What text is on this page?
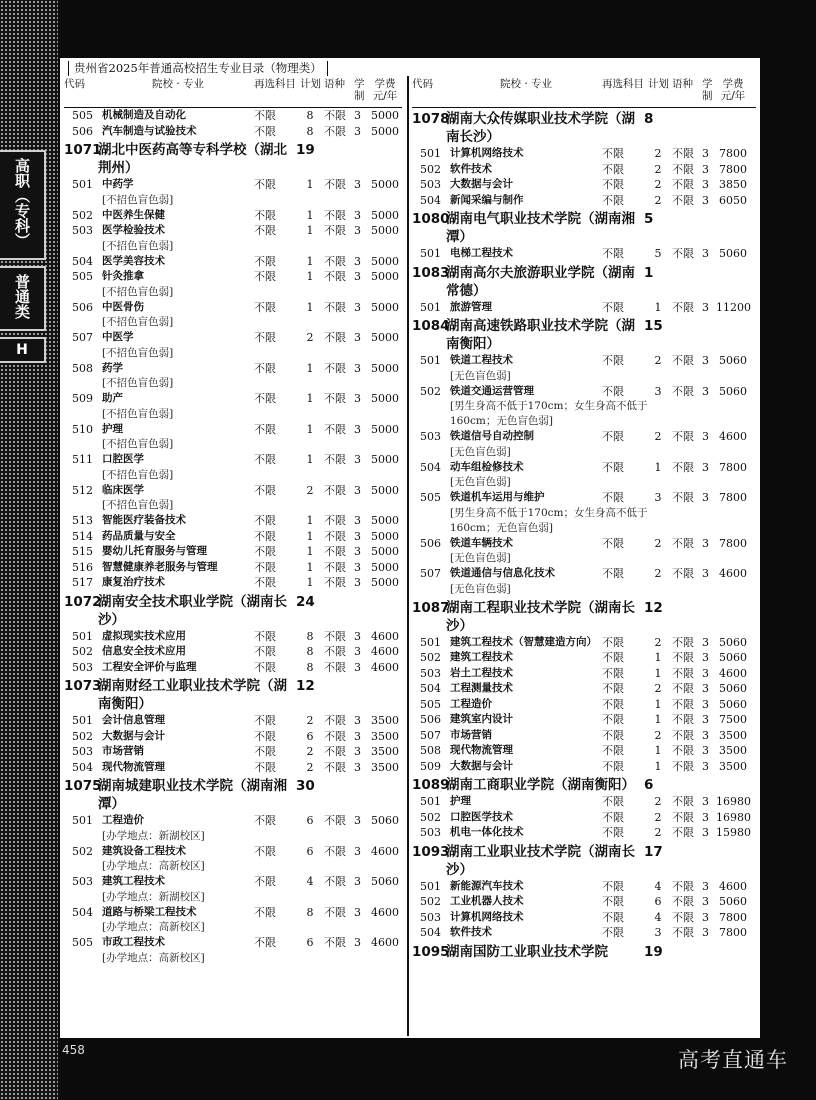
高职（专科）
普通类
H
贵州省2025年普通高校招生专业目录（物理类）
代码	院校 · 专业	再选科目 计划 语种 学制
学费元/年
505 机械制造及自动化	不限	8 不限 3 5000
506 汽车制造与试验技术	不限	8 不限 3 5000
1071
湖北中医药高等专科学校（湖北荆州）
19
501 中药学	不限	1 不限 3 5000
[不招色盲色弱]
502 中医养生保健	不限	1 不限 3 5000
503 医学检验技术	不限	1 不限 3 5000
[不招色盲色弱]
504 医学美容技术	不限	1 不限 3 5000
505 针灸推拿	不限	1 不限 3 5000
[不招色盲色弱]
506 中医骨伤	不限	1 不限 3 5000
[不招色盲色弱]
507 中医学	不限	2 不限 3 5000
[不招色盲色弱]
508 药学	不限	1 不限 3 5000
[不招色盲色弱]
509 助产	不限	1 不限 3 5000
[不招色盲色弱]
510 护理	不限	1 不限 3 5000
[不招色盲色弱]
511 口腔医学	不限	1 不限 3 5000
[不招色盲色弱]
512 临床医学	不限	2 不限 3 5000
[不招色盲色弱]
513 智能医疗装备技术	不限	1 不限 3 5000
514 药品质量与安全	不限	1 不限 3 5000
515 婴幼儿托育服务与管理	不限	1 不限 3 5000
516 智慧健康养老服务与管理	不限	1 不限 3 5000
517 康复治疗技术	不限	1 不限 3 5000
1072
湖南安全技术职业学院（湖南长沙）
24
501 虚拟现实技术应用	不限	8 不限 3 4600
502 信息安全技术应用	不限	8 不限 3 4600
503 工程安全评价与监理	不限	8 不限 3 4600
1073
湖南财经工业职业技术学院（湖南衡阳）
12
501 会计信息管理	不限	2 不限 3 3500
502 大数据与会计	不限	6 不限 3 3500
503 市场营销	不限	2 不限 3 3500
504 现代物流管理	不限	2 不限 3 3500
1075
湖南城建职业技术学院（湖南湘潭）
30
501 工程造价	不限	6 不限 3 5060
[办学地点：新湖校区]
502 建筑设备工程技术	不限	6 不限 3 4600
[办学地点：高新校区]
503 建筑工程技术	不限	4 不限 3 5060
[办学地点：新湖校区]
504 道路与桥梁工程技术	不限	8 不限 3 4600
[办学地点：高新校区]
505 市政工程技术	不限	6 不限 3 4600
[办学地点：高新校区]
代码	院校 · 专业	再选科目 计划 语种 学制
学费元/年
1078
湖南大众传媒职业技术学院（湖南长沙）
8
501 计算机网络技术	不限	2 不限 3 7800
502 软件技术	不限	2 不限 3 7800
503 大数据与会计	不限	2 不限 3 3850
504 新闻采编与制作	不限	2 不限 3 6050
1080
湖南电气职业技术学院（湖南湘潭）
5
501 电梯工程技术	不限	5 不限 3 5060
1083
湖南高尔夫旅游职业学院（湖南常德）
1
501 旅游管理	不限	1 不限 3 11200
1084
湖南高速铁路职业技术学院（湖南衡阳）
15
501 铁道工程技术	不限	2 不限 3 5060
[无色盲色弱]
502 铁道交通运营管理	不限	3 不限 3 5060
[男生身高不低于170cm；女生身高不低于160cm；无色盲色弱]
503 铁道信号自动控制	不限	2 不限 3 4600
[无色盲色弱]
504 动车组检修技术	不限	1 不限 3 7800
[无色盲色弱]
505 铁道机车运用与维护	不限	3 不限 3 7800
[男生身高不低于170cm；女生身高不低于160cm；无色盲色弱]
506 铁道车辆技术	不限	2 不限 3 7800
[无色盲色弱]
507 铁道通信与信息化技术	不限	2 不限 3 4600
[无色盲色弱]
1087
湖南工程职业技术学院（湖南长沙）
12
501 建筑工程技术（智慧建造方向） 不限	2 不限 3 5060
502 建筑工程技术	不限	1 不限 3 5060
503 岩土工程技术	不限	1 不限 3 4600
504 工程测量技术	不限	2 不限 3 5060
505 工程造价	不限	1 不限 3 5060
506 建筑室内设计	不限	1 不限 3 7500
507 市场营销	不限	2 不限 3 3500
508 现代物流管理	不限	1 不限 3 3500
509 大数据与会计	不限	1 不限 3 3500
1089
湖南工商职业学院（湖南衡阳） 6
501 护理	不限	2 不限 3 16980
502 口腔医学技术	不限	2 不限 3 16980
503 机电一体化技术	不限	2 不限 3 15980
1093
湖南工业职业技术学院（湖南长沙）
17
501 新能源汽车技术	不限	4 不限 3 4600
502 工业机器人技术	不限	6 不限 3 5060
503 计算机网络技术	不限	4 不限 3 7800
504 软件技术	不限	3 不限 3 7800
1095
湖南国防工业职业技术学院	19
458	高考直通车
